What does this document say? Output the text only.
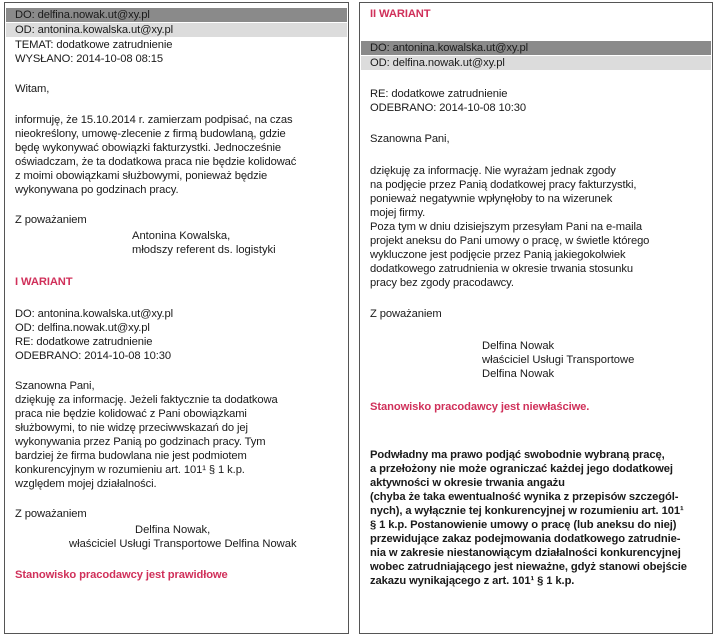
DO: delfina.nowak.ut@xy.pl
OD: antonina.kowalska.ut@xy.pl
TEMAT: dodatkowe zatrudnienie
WYSŁANO: 2014-10-08 08:15
Witam,
informuję, że 15.10.2014 r. zamierzam podpisać, na czas
nieokreślony, umowę-zlecenie z firmą budowlaną, gdzie
będę wykonywać obowiązki fakturzystki. Jednocześnie
oświadczam, że ta dodatkowa praca nie będzie kolidować
z moimi obowiązkami służbowymi, ponieważ będzie
wykonywana po godzinach pracy.
Z poważaniem
Antonina Kowalska,
młodszy referent ds. logistyki
I WARIANT
DO: antonina.kowalska.ut@xy.pl
OD: delfina.nowak.ut@xy.pl
RE: dodatkowe zatrudnienie
ODEBRANO: 2014-10-08 10:30
Szanowna Pani,
dziękuję za informację. Jeżeli faktycznie ta dodatkowa
praca nie będzie kolidować z Pani obowiązkami
służbowymi, to nie widzę przeciwwskazań do jej
wykonywania przez Panią po godzinach pracy. Tym
bardziej że firma budowlana nie jest podmiotem
konkurencyjnym w rozumieniu art. 101¹ § 1 k.p.
względem mojej działalności.
Z poważaniem
Delfina Nowak,
właściciel Usługi Transportowe Delfina Nowak
Stanowisko pracodawcy jest prawidłowe
II WARIANT
DO: antonina.kowalska.ut@xy.pl
OD: delfina.nowak.ut@xy.pl
RE: dodatkowe zatrudnienie
ODEBRANO: 2014-10-08 10:30
Szanowna Pani,
dziękuję za informację. Nie wyrażam jednak zgody
na podjęcie przez Panią dodatkowej pracy fakturzystki,
ponieważ negatywnie wpłynęłoby to na wizerunek
mojej firmy.
Poza tym w dniu dzisiejszym przesyłam Pani na e-maila
projekt aneksu do Pani umowy o pracę, w świetle którego
wykluczone jest podjęcie przez Panią jakiegokolwiek
dodatkowego zatrudnienia w okresie trwania stosunku
pracy bez zgody pracodawcy.
Z poważaniem
Delfina Nowak
właściciel Usługi Transportowe
Delfina Nowak
Stanowisko pracodawcy jest niewłaściwe.
Podwładny ma prawo podjąć swobodnie wybraną pracę,
a przełożony nie może ograniczać każdej jego dodatkowej
aktywności w okresie trwania angażu
(chyba że taka ewentualność wynika z przepisów szczegól-
nych), a wyłącznie tej konkurencyjnej w rozumieniu art. 101¹
§ 1 k.p. Postanowienie umowy o pracę (lub aneksu do niej)
przewidujące zakaz podejmowania dodatkowego zatrudnie-
nia w zakresie niestanowiącym działalności konkurencyjnej
wobec zatrudniającego jest nieważne, gdyż stanowi obejście
zakazu wynikającego z art. 101¹ § 1 k.p.
